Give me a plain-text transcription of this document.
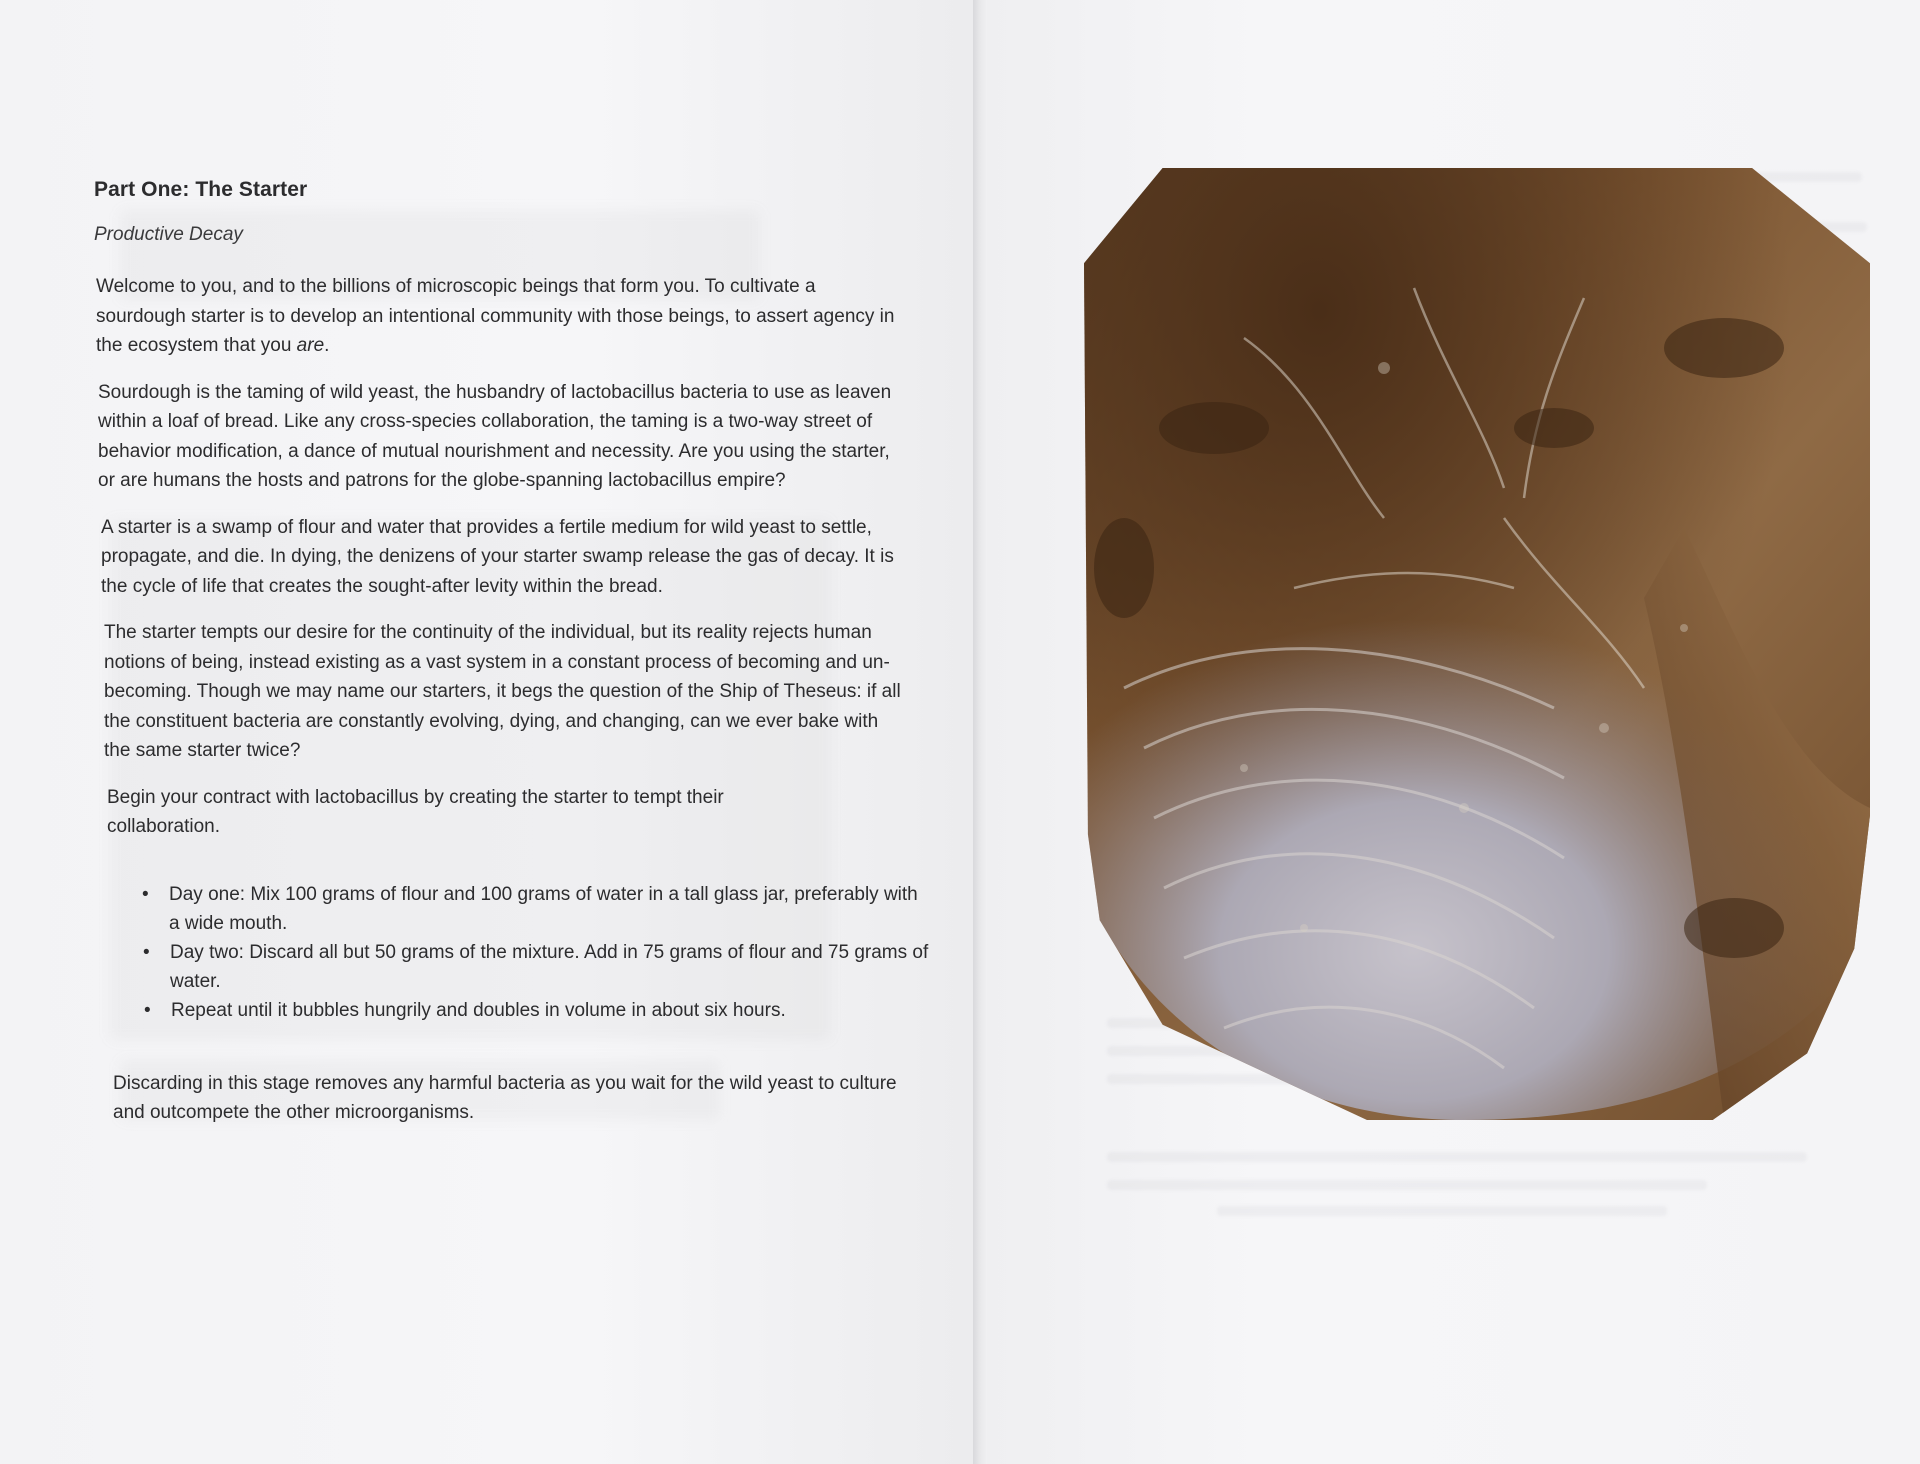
Part One: The Starter

Productive Decay

Welcome to you, and to the billions of microscopic beings that form you. To cultivate a sourdough starter is to develop an intentional community with those beings, to assert agency in the ecosystem that you are.

Sourdough is the taming of wild yeast, the husbandry of lactobacillus bacteria to use as leaven within a loaf of bread. Like any cross-species collaboration, the taming is a two-way street of behavior modification, a dance of mutual nourishment and necessity. Are you using the starter, or are humans the hosts and patrons for the globe-spanning lactobacillus empire?

A starter is a swamp of flour and water that provides a fertile medium for wild yeast to settle, propagate, and die. In dying, the denizens of your starter swamp release the gas of decay. It is the cycle of life that creates the sought-after levity within the bread.

The starter tempts our desire for the continuity of the individual, but its reality rejects human notions of being, instead existing as a vast system in a constant process of becoming and un-becoming. Though we may name our starters, it begs the question of the Ship of Theseus: if all the constituent bacteria are constantly evolving, dying, and changing, can we ever bake with the same starter twice?

Begin your contract with lactobacillus by creating the starter to tempt their collaboration.

• Day one: Mix 100 grams of flour and 100 grams of water in a tall glass jar, preferably with a wide mouth.
• Day two: Discard all but 50 grams of the mixture. Add in 75 grams of flour and 75 grams of water.
• Repeat until it bubbles hungrily and doubles in volume in about six hours.

Discarding in this stage removes any harmful bacteria as you wait for the wild yeast to culture and outcompete the other microorganisms.
